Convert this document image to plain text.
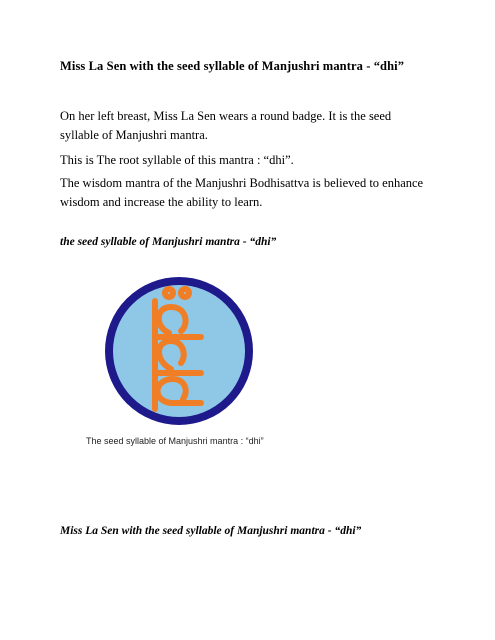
Miss La Sen with the seed syllable of Manjushri mantra - “dhi”
On her left breast, Miss La Sen wears a round badge. It is the seed syllable of Manjushri mantra.
This is The root syllable of this mantra : “dhi”.
The wisdom mantra of the Manjushri Bodhisattva is believed to enhance wisdom and increase the ability to learn.
the seed syllable of Manjushri mantra - “dhi”
The seed syllable of Manjushri mantra : “dhi”
Miss La Sen with the seed syllable of Manjushri mantra - “dhi”
